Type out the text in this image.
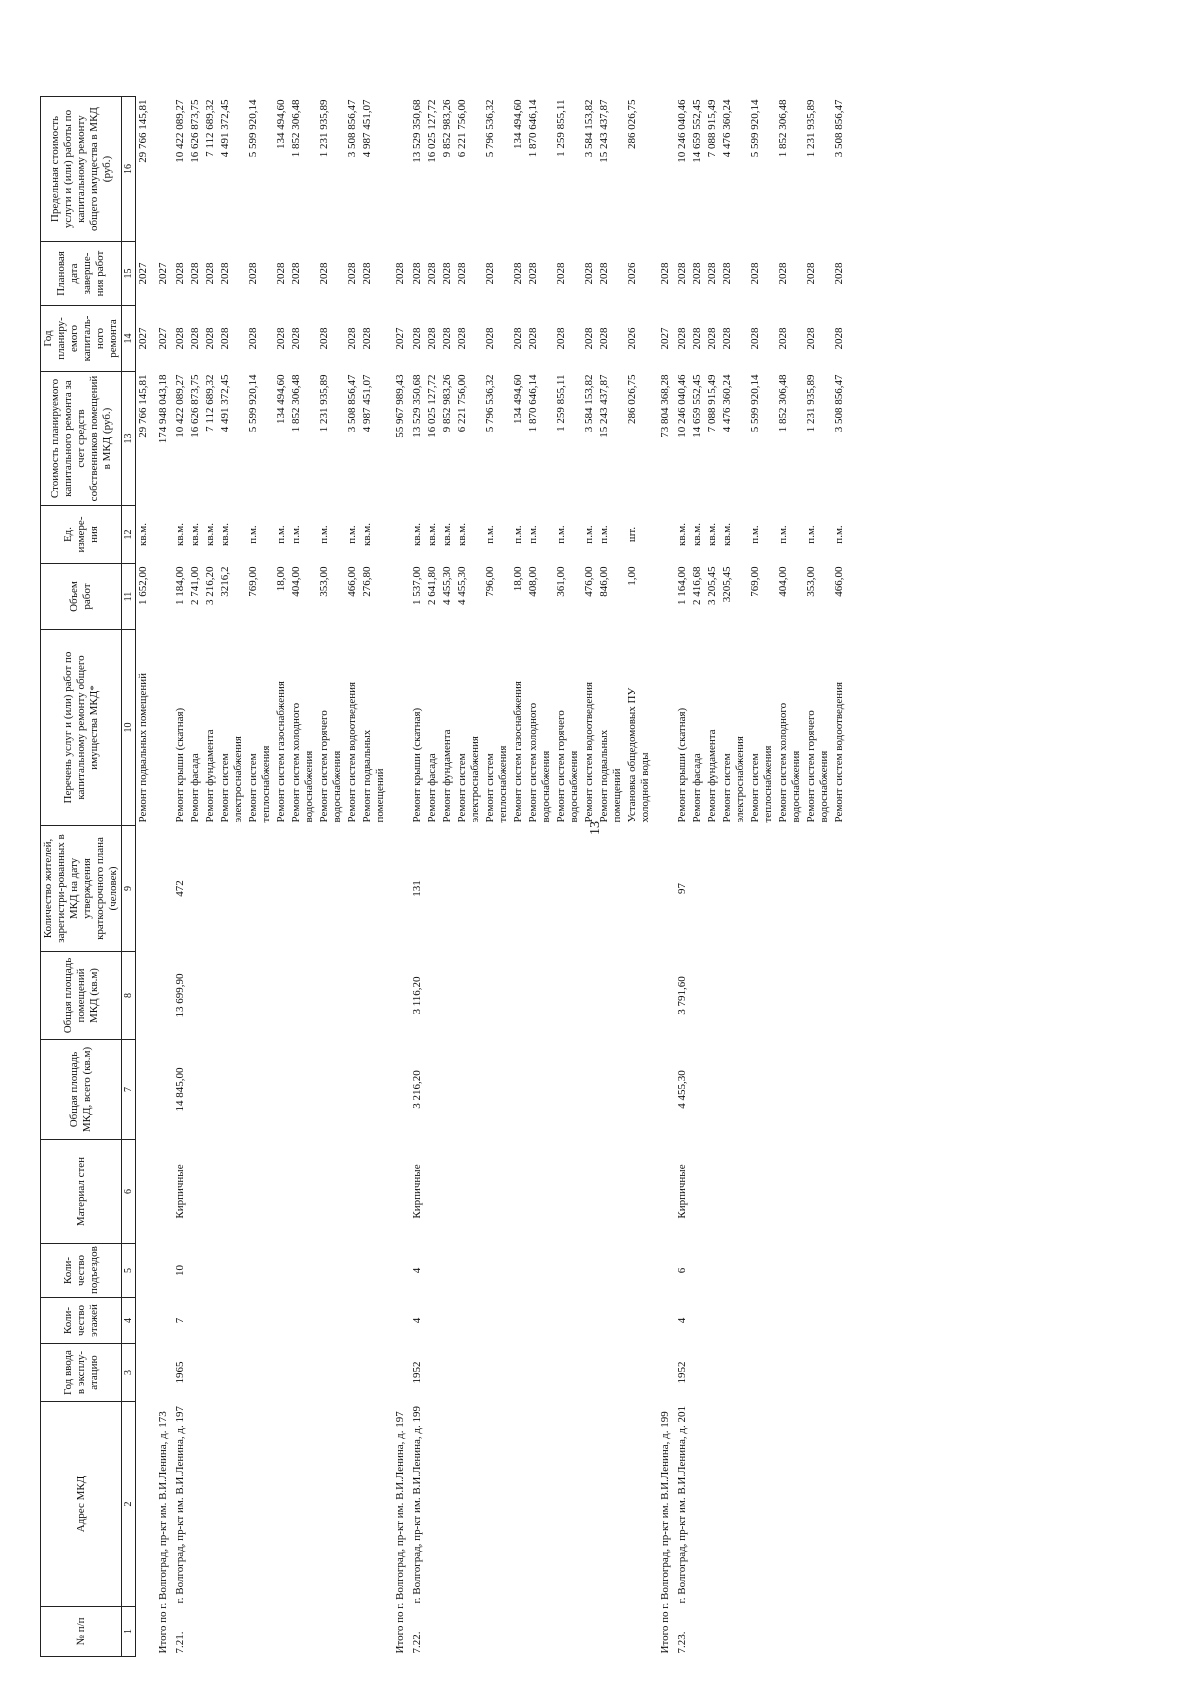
13
№ п/п	Адрес МКД	Год ввода в эксплу-атацию	Коли-чество этажей	Коли-чество подъездов	Материал стен	Общая площадь МКД, всего (кв.м)	Общая площадь помещений МКД (кв.м)	Количество жителей, зарегистри-рованных в МКД на дату утверждения краткосрочного плана (человек)	Перечень услуг и (или) работ по капитальному ремонту общего имущества МКД*	Объем работ	Ед. измере-ния	Стоимость планируемого капитального ремонта за счет средств собственников помещений в МКД (руб.)	Год планиру-емого капиталь-ного ремонта	Плановая дата заверше-ния работ	Предельная стоимость услуги и (или) работы по капитальному ремонту общего имущества в МКД (руб.)
1	2	3	4	5	6	7	8	9	10	11	12	13	14	15	16
									Ремонт подвальных помещений	1 652,00	кв.м.	29 766 145,81	2027	2027	29 766 145,81
Итого по г. Волгоград, пр-кт им. В.И.Ленина, д. 173												174 948 043,18	2027	2027	
7.21.	г. Волгоград, пр-кт им. В.И.Ленина, д. 197	1965	7	10	Кирпичные	14 845,00	13 699,90	472	Ремонт крыши (скатная)	1 184,00	кв.м.	10 422 089,27	2028	2028	10 422 089,27

									Ремонт фасада	2 741,00	кв.м.	16 626 873,75	2028	2028	16 626 873,75

									Ремонт фундамента	3 216,20	кв.м.	7 112 689,32	2028	2028	7 112 689,32

									Ремонт систем электроснабжения	3216,2	кв.м.	4 491 372,45	2028	2028	4 491 372,45

									Ремонт систем теплоснабжения	769,00	п.м.	5 599 920,14	2028	2028	5 599 920,14

									Ремонт систем газоснабжения	18,00	п.м.	134 494,60	2028	2028	134 494,60

									Ремонт систем холодного водоснабжения	404,00	п.м.	1 852 306,48	2028	2028	1 852 306,48

									Ремонт систем горячего водоснабжения	353,00	п.м.	1 231 935,89	2028	2028	1 231 935,89

									Ремонт систем водоотведения	466,00	п.м.	3 508 856,47	2028	2028	3 508 856,47

									Ремонт подвальных помещений	276,80	кв.м.	4 987 451,07	2028	2028	4 987 451,07
Итого по г. Волгоград, пр-кт им. В.И.Ленина, д. 197												55 967 989,43	2027	2028	
7.22.	г. Волгоград, пр-кт им. В.И.Ленина, д. 199	1952	4	4	Кирпичные	3 216,20	3 116,20	131	Ремонт крыши (скатная)	1 537,00	кв.м.	13 529 350,68	2028	2028	13 529 350,68

									Ремонт фасада	2 641,80	кв.м.	16 025 127,72	2028	2028	16 025 127,72

									Ремонт фундамента	4 455,30	кв.м.	9 852 983,26	2028	2028	9 852 983,26

									Ремонт систем электроснабжения	4 455,30	кв.м.	6 221 756,00	2028	2028	6 221 756,00

									Ремонт систем теплоснабжения	796,00	п.м.	5 796 536,32	2028	2028	5 796 536,32

									Ремонт систем газоснабжения	18,00	п.м.	134 494,60	2028	2028	134 494,60

									Ремонт систем холодного водоснабжения	408,00	п.м.	1 870 646,14	2028	2028	1 870 646,14

									Ремонт систем горячего водоснабжения	361,00	п.м.	1 259 855,11	2028	2028	1 259 855,11

									Ремонт систем водоотведения	476,00	п.м.	3 584 153,82	2028	2028	3 584 153,82

									Ремонт подвальных помещений	846,00	п.м.	15 243 437,87	2028	2028	15 243 437,87

									Установка общедомовых ПУ холодной воды	1,00	шт.	286 026,75	2026	2026	286 026,75
Итого по г. Волгоград, пр-кт им. В.И.Ленина, д. 199												73 804 368,28	2027	2028	
7.23.	г. Волгоград, пр-кт им. В.И.Ленина, д. 201	1952	4	6	Кирпичные	4 455,30	3 791,60	97	Ремонт крыши (скатная)	1 164,00	кв.м.	10 246 040,46	2028	2028	10 246 040,46

									Ремонт фасада	2 416,68	кв.м.	14 659 552,45	2028	2028	14 659 552,45

									Ремонт фундамента	3 205,45	кв.м.	7 088 915,49	2028	2028	7 088 915,49

									Ремонт систем электроснабжения	3205,45	кв.м.	4 476 360,24	2028	2028	4 476 360,24

									Ремонт систем теплоснабжения	769,00	п.м.	5 599 920,14	2028	2028	5 599 920,14

									Ремонт систем холодного водоснабжения	404,00	п.м.	1 852 306,48	2028	2028	1 852 306,48

									Ремонт систем горячего водоснабжения	353,00	п.м.	1 231 935,89	2028	2028	1 231 935,89

									Ремонт систем водоотведения	466,00	п.м.	3 508 856,47	2028	2028	3 508 856,47
